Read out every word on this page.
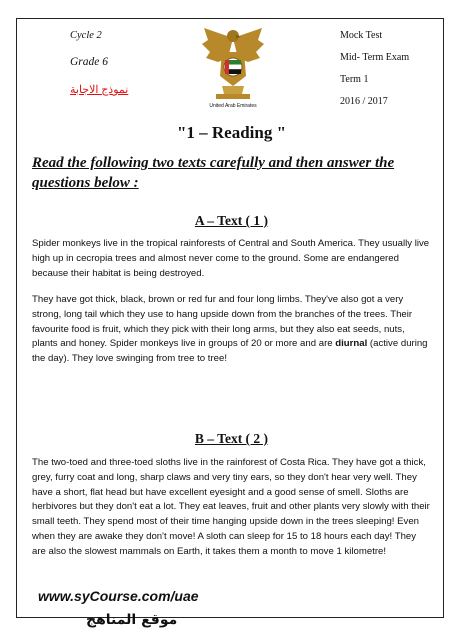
Cycle 2
Grade 6
نموذج الاجابة
United Arab Emirates
Mock Test
Mid- Term Exam
Term 1
2016 / 2017
"1 – Reading "
Read the following two texts carefully and then answer the questions below :
A – Text ( 1 )
Spider monkeys live in the tropical rainforests of Central and South America. They usually live high up in cecropia trees and almost never come to the ground. Some are endangered because their habitat is being destroyed.
They have got thick, black, brown or red fur and four long limbs. They've also got a very strong, long tail which they use to hang upside down from the branches of the trees. Their favourite food is fruit, which they pick with their long arms, but they also eat seeds, nuts, plants and honey. Spider monkeys live in groups of 20 or more and are diurnal (active during the day). They love swinging from tree to tree!
B – Text ( 2 )
The two-toed and three-toed sloths live in the rainforest of Costa Rica. They have got a thick, grey, furry coat and long, sharp claws and very tiny ears, so they don't hear very well. They have a short, flat head but have excellent eyesight and a good sense of smell. Sloths are herbivores but they don't eat a lot. They eat leaves, fruit and other plants very slowly with their small teeth. They spend most of their time hanging upside down in the trees sleeping! Even when they are awake they don't move! A sloth can sleep for 15 to 18 hours each day! They are also the slowest mammals on Earth, it takes them a month to move 1 kilometre!
www.syCourse.com/uae
موقع المناهج
